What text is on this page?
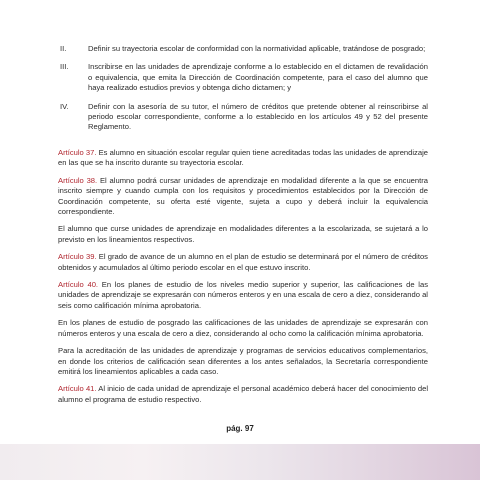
II.	Definir su trayectoria escolar de conformidad con la normatividad aplicable, tratándose de posgrado;
III.	Inscribirse en las unidades de aprendizaje conforme a lo establecido en el dictamen de revalidación o equivalencia, que emita la Dirección de Coordinación competente, para el caso del alumno que haya realizado estudios previos y obtenga dicho dictamen; y
IV.	Definir con la asesoría de su tutor, el número de créditos que pretende obtener al reinscribirse al periodo escolar correspondiente, conforme a lo establecido en los artículos 49 y 52 del presente Reglamento.

Artículo 37. Es alumno en situación escolar regular quien tiene acreditadas todas las unidades de aprendizaje en las que se ha inscrito durante su trayectoria escolar.

Artículo 38. El alumno podrá cursar unidades de aprendizaje en modalidad diferente a la que se encuentra inscrito siempre y cuando cumpla con los requisitos y procedimientos establecidos por la Dirección de Coordinación competente, su oferta esté vigente, sujeta a cupo y deberá incluir la equivalencia correspondiente.

El alumno que curse unidades de aprendizaje en modalidades diferentes a la escolarizada, se sujetará a lo previsto en los lineamientos respectivos.

Artículo 39. El grado de avance de un alumno en el plan de estudio se determinará por el número de créditos obtenidos y acumulados al último periodo escolar en el que estuvo inscrito.

Artículo 40. En los planes de estudio de los niveles medio superior y superior, las calificaciones de las unidades de aprendizaje se expresarán con números enteros y en una escala de cero a diez, considerando al seis como calificación mínima aprobatoria.

En los planes de estudio de posgrado las calificaciones de las unidades de aprendizaje se expresarán con números enteros y una escala de cero a diez, considerando al ocho como la calificación mínima aprobatoria.

Para la acreditación de las unidades de aprendizaje y programas de servicios educativos complementarios, en donde los criterios de calificación sean diferentes a los antes señalados, la Secretaría correspondiente emitirá los lineamientos aplicables a cada caso.

Artículo 41. Al inicio de cada unidad de aprendizaje el personal académico deberá hacer del conocimiento del alumno el programa de estudio respectivo.

pág. 97
